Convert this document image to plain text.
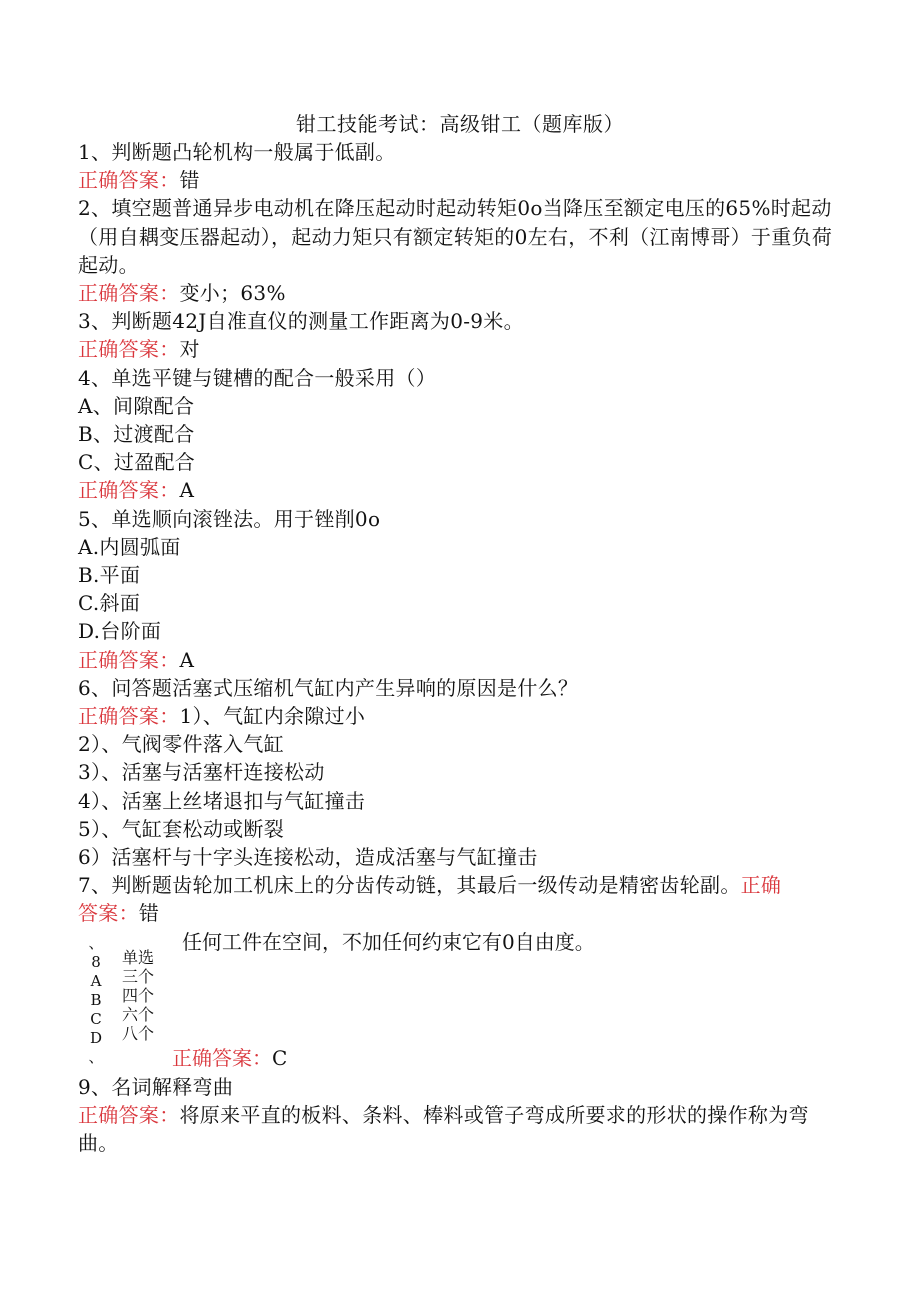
钳工技能考试：高级钳工（题库版）
1、判断题凸轮机构一般属于低副。
正确答案：错
2、填空题普通异步电动机在降压起动时起动转矩0o当降压至额定电压的65%时起动（用自耦变压器起动），起动力矩只有额定转矩的0左右，不利（江南博哥）于重负荷起动。
正确答案：变小；63%
3、判断题42J自准直仪的测量工作距离为0-9米。
正确答案：对
4、单选平键与键槽的配合一般采用（）
A、间隙配合
B、过渡配合
C、过盈配合
正确答案：A
5、单选顺向滚锉法。用于锉削0o
A.内圆弧面
B.平面
C.斜面
D.台阶面
正确答案：A
6、问答题活塞式压缩机气缸内产生异响的原因是什么？
正确答案：1）、气缸内余隙过小
2）、气阀零件落入气缸
3）、活塞与活塞杆连接松动
4）、活塞上丝堵退扣与气缸撞击
5）、气缸套松动或断裂
6）活塞杆与十字头连接松动，造成活塞与气缸撞击
7、判断题齿轮加工机床上的分齿传动链，其最后一级传动是精密齿轮副。正确
答案：错
任何工件在空间，不加任何约束它有0自由度。
、
8
A
B
C
D
、
单选
三个
四个
六个
八个
正确答案：C
9、名词解释弯曲
正确答案：将原来平直的板料、条料、棒料或管子弯成所要求的形状的操作称为弯曲。
